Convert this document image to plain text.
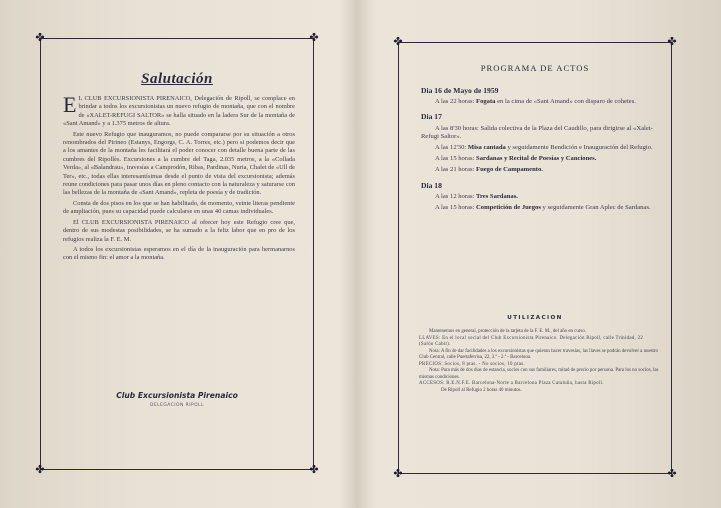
✤	✤
✤	✤
Salutación

E L CLUB EXCURSIONISTA PIRENAICO, Delegación de Ripoll, se complace en brindar a todos los excursionistas un nuevo refugio de montaña, que con el nombre de «XALET-REFUGI SALTOR» se halla situado en la ladera Sur de la montaña de «Sant Amand» y a 1.375 metros de altura.

Este nuevo Refugio que inauguramos, no puede compararse por su situación a otros renombrados del Pirineo (Estanys, Engorgs, C. A. Torres, etc.) pero si podemos decir que a los amantes de la montaña les facilitará el poder conocer con detalle buena parte de las cumbres del Ripollès. Excursiones a la cumbre del Taga, 2.035 metros, a la «Collada Verda», al «Balandrau», travesías a Camprodón, Ribas, Pardinas, Nuria, Chalet de «Ull de Ter», etc., todas ellas interesantísimas desde el punto de vista del excursionista; además reune condiciones para pasar unos días en pleno contacto con la naturaleza y saturarse con las bellezas de la montaña de «Sant Amand», repleta de poesía y de tradición.

Consta de dos pisos en los que se han habilitado, de momento, veinte literas pendiente de ampliación, pues su capacidad puede calcularse en unas 40 camas individuales.

El CLUB EXCURSIONISTA PIRENAICO al ofrecer hoy este Refugio cree que, dentro de sus modestas posibilidades, se ha sumado a la feliz labor que en pro de los refugios realiza la F. E. M.

A todos los excursionistas esperamos en el día de la inauguración para hermanarnos con el mismo fin: el amor a la montaña.

Club Excursionista Pirenaico
DELEGACION RIPOLL
✤	✤
✤	✤
PROGRAMA DE ACTOS
Dia 16 de Mayo de 1959
A las 22 horas: Fogata en la cima de «Sant Amand» con disparo de cohetes.
Dia 17
A las 8'30 horas: Salida colectiva de la Plaza del Caudillo, para dirigirse al «Xalet-Refugi Saltor».
A las 12'30: Misa cantada y seguidamente Bendición e Inauguración del Refugio.
A las 15 horas: Sardanas y Recital de Poesías y Canciones.
A las 21 horas: Fuego de Campamento.
Dia 18
A las 12 horas: Tres Sardanas.
A las 15 horas: Competición de Juegos y seguidamente Gran Aplec de Sardanas.
UTILIZACION

Mantenemos en general, protección de la tarjeta de la F. E. M., del año en curso.

LLAVES: En el local social del Club Excursionista Pirenaico. Delegación Ripoll, calle Trinidad, 22 (Salón Cabit).

Nota: A fin de dar facilidades a los excursionistas que quieran hacer travesías, las llaves se podrán devolver a nuestro Club Central, calle Puertaferrisa, 22, 3.º - 2.ª - Barcelona.

PRECIOS: Socios, 8 ptas. - No socios, 10 ptas.

Nota: Para más de dos días de estancia, socios con sus familiares, mitad de precio por persona. Para los no socios, las mismas condiciones.

ACCESOS: R.E.N.F.E. Barcelona-Norte a Barcelona Plaza Cataluña, hasta Ripoll.

De Ripoll al Refugio 2 horas 40 minutos.
